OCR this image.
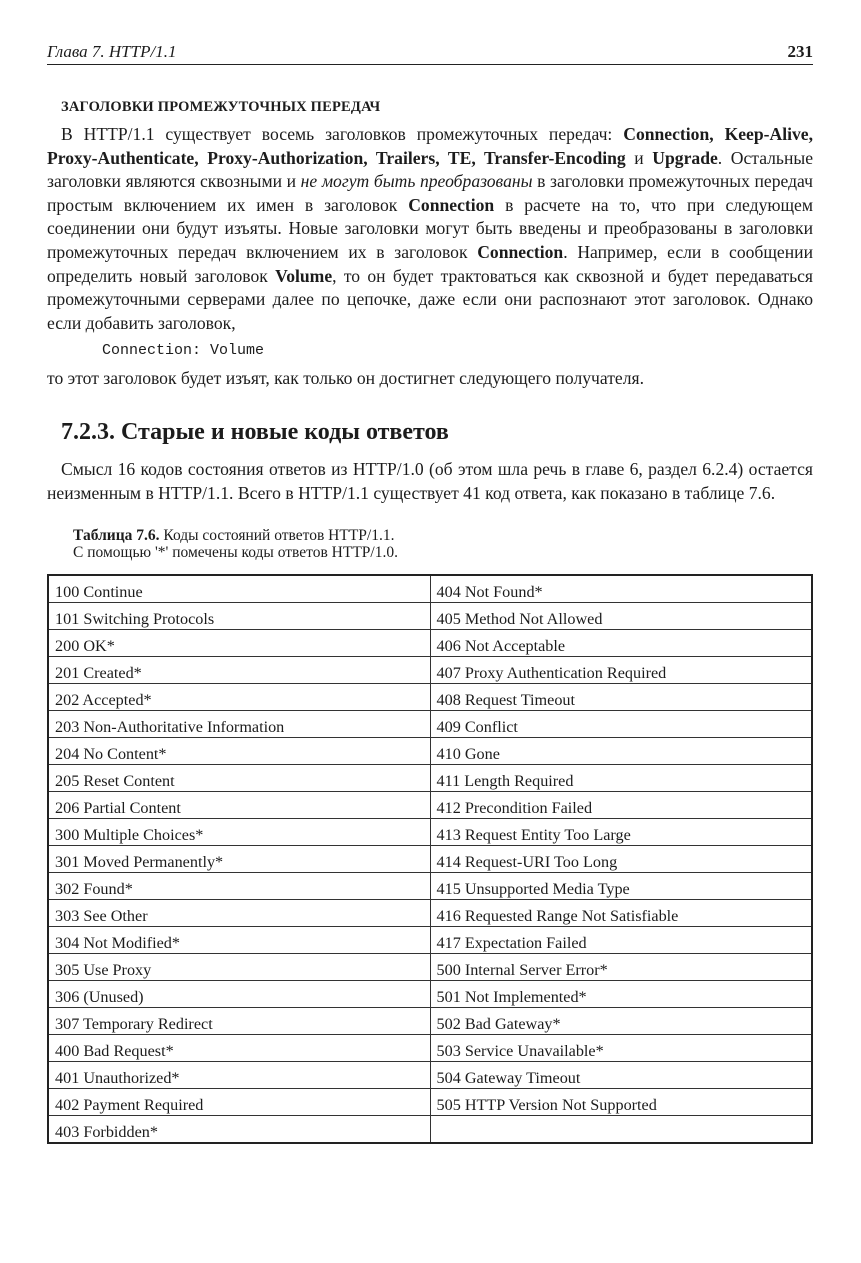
Глава 7. HTTP/1.1	231
ЗАГОЛОВКИ ПРОМЕЖУТОЧНЫХ ПЕРЕДАЧ

В HTTP/1.1 существует восемь заголовков промежуточных передач: Connection, Keep-Alive, Proxy-Authenticate, Proxy-Authorization, Trailers, TE, Transfer-Encoding и Upgrade. Остальные заголовки являются сквозными и не могут быть преобразованы в заголовки промежуточных передач простым включением их имен в заголовок Connection в расчете на то, что при следующем соединении они будут изъяты. Новые заголовки могут быть введены и преобразованы в заголовки промежуточных передач включением их в заголовок Connection. Например, если в сообщении определить новый заголовок Volume, то он будет трактоваться как сквозной и будет передаваться промежуточными серверами далее по цепочке, даже если они распознают этот заголовок. Однако если добавить заголовок,

Connection: Volume

то этот заголовок будет изъят, как только он достигнет следующего получателя.

7.2.3. Старые и новые коды ответов

Смысл 16 кодов состояния ответов из HTTP/1.0 (об этом шла речь в главе 6, раздел 6.2.4) остается неизменным в HTTP/1.1. Всего в HTTP/1.1 существует 41 код ответа, как показано в таблице 7.6.

Таблица 7.6. Коды состояний ответов HTTP/1.1.
С помощью '*' помечены коды ответов HTTP/1.0.
100 Continue	404 Not Found*
101 Switching Protocols	405 Method Not Allowed
200 OK*	406 Not Acceptable
201 Created*	407 Proxy Authentication Required
202 Accepted*	408 Request Timeout
203 Non-Authoritative Information	409 Conflict
204 No Content*	410 Gone
205 Reset Content	411 Length Required
206 Partial Content	412 Precondition Failed
300 Multiple Choices*	413 Request Entity Too Large
301 Moved Permanently*	414 Request-URI Too Long
302 Found*	415 Unsupported Media Type
303 See Other	416 Requested Range Not Satisfiable
304 Not Modified*	417 Expectation Failed
305 Use Proxy	500 Internal Server Error*
306 (Unused)	501 Not Implemented*
307 Temporary Redirect	502 Bad Gateway*
400 Bad Request*	503 Service Unavailable*
401 Unauthorized*	504 Gateway Timeout
402 Payment Required	505 HTTP Version Not Supported
403 Forbidden*	
